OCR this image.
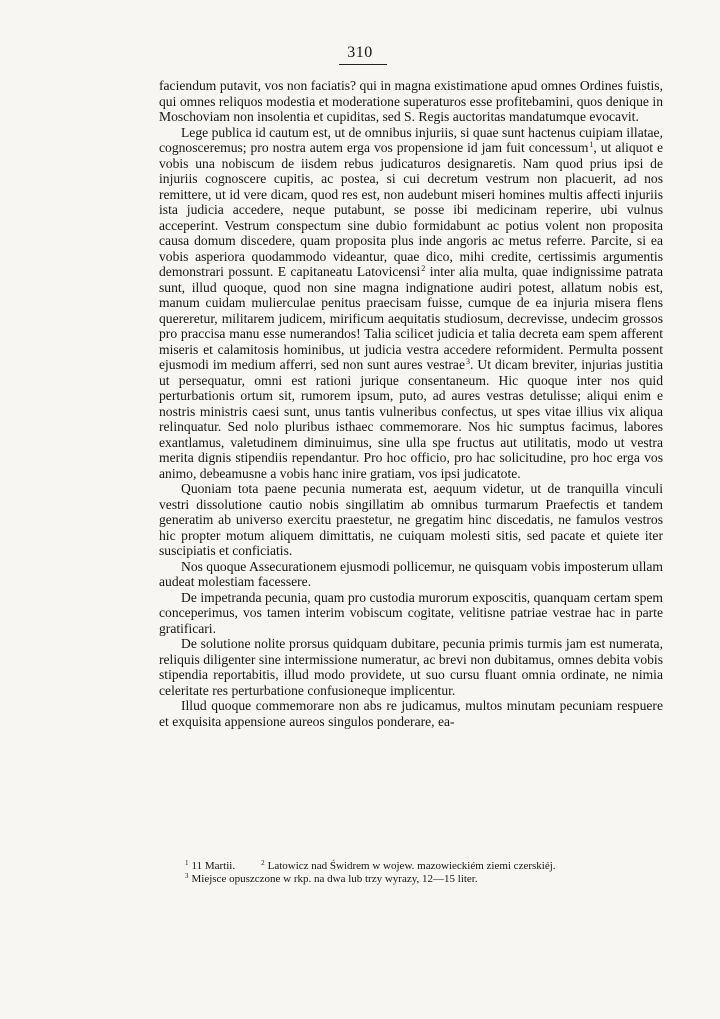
310

faciendum putavit, vos non faciatis? qui in magna existimatione apud omnes Ordines fuistis, qui omnes reliquos modestia et moderatione superaturos esse profitebamini, quos denique in Moschoviam non insolentia et cupiditas, sed S. Regis auctoritas mandatumque evocavit.

Lege publica id cautum est, ut de omnibus injuriis, si quae sunt hactenus cuipiam illatae, cognosceremus; pro nostra autem erga vos propensione id jam fuit concessum$^1$, ut aliquot e vobis una nobiscum de iisdem rebus judicaturos designaretis. Nam quod prius ipsi de injuriis cognoscere cupitis, ac postea, si cui decretum vestrum non placuerit, ad nos remittere, ut id vere dicam, quod res est, non audebunt miseri homines multis affecti injuriis ista judicia accedere, neque putabunt, se posse ibi medicinam reperire, ubi vulnus acceperint. Vestrum conspectum sine dubio formidabunt ac potius volent non proposita causa domum discedere, quam proposita plus inde angoris ac metus referre. Parcite, si ea vobis asperiora quodammodo videantur, quae dico, mihi credite, certissimis argumentis demonstrari possunt. E capitaneatu Latovicensi$^2$ inter alia multa, quae indignissime patrata sunt, illud quoque, quod non sine magna indignatione audiri potest, allatum nobis est, manum cuidam mulierculae penitus praecisam fuisse, cumque de ea injuria misera flens quereretur, militarem judicem, mirificum aequitatis studiosum, decrevisse, undecim grossos pro praccisa manu esse numerandos! Talia scilicet judicia et talia decreta eam spem afferent miseris et calamitosis hominibus, ut judicia vestra accedere reformident. Permulta possent ejusmodi im medium afferri, sed non sunt aures vestrae$^3$. Ut dicam breviter, injurias justitia ut persequatur, omni est rationi jurique consentaneum. Hic quoque inter nos quid perturbationis ortum sit, rumorem ipsum, puto, ad aures vestras detulisse; aliqui enim e nostris ministris caesi sunt, unus tantis vulneribus confectus, ut spes vitae illius vix aliqua relinquatur. Sed nolo pluribus isthaec commemorare. Nos hic sumptus facimus, labores exantlamus, valetudinem diminuimus, sine ulla spe fructus aut utilitatis, modo ut vestra merita dignis stipendiis rependantur. Pro hoc officio, pro hac solicitudine, pro hoc erga vos animo, debeamusne a vobis hanc inire gratiam, vos ipsi judicatote.

Quoniam tota paene pecunia numerata est, aequum videtur, ut de tranquilla vinculi vestri dissolutione cautio nobis singillatim ab omnibus turmarum Praefectis et tandem generatim ab universo exercitu praestetur, ne gregatim hinc discedatis, ne famulos vestros hic propter motum aliquem dimittatis, ne cuiquam molesti sitis, sed pacate et quiete iter suscipiatis et conficiatis.

Nos quoque Assecurationem ejusmodi pollicemur, ne quisquam vobis imposterum ullam audeat molestiam facessere.

De impetranda pecunia, quam pro custodia murorum exposcitis, quanquam certam spem conceperimus, vos tamen interim vobiscum cogitate, velitisne patriae vestrae hac in parte gratificari.

De solutione nolite prorsus quidquam dubitare, pecunia primis turmis jam est numerata, reliquis diligenter sine intermissione numeratur, ac brevi non dubitamus, omnes debita vobis stipendia reportabitis, illud modo providete, ut suo cursu fluant omnia ordinate, ne nimia celeritate res perturbatione confusioneque implicentur.

Illud quoque commemorare non abs re judicamus, multos minutam pecuniam respuere et exquisita appensione aureos singulos ponderare, ea-

$^1$ 11 Martii.	$^2$ Latowicz nad Świdrem w wojew. mazowieckiém ziemi czerskiéj.
$^3$ Miejsce opuszczone w rkp. na dwa lub trzy wyrazy, 12—15 liter.
